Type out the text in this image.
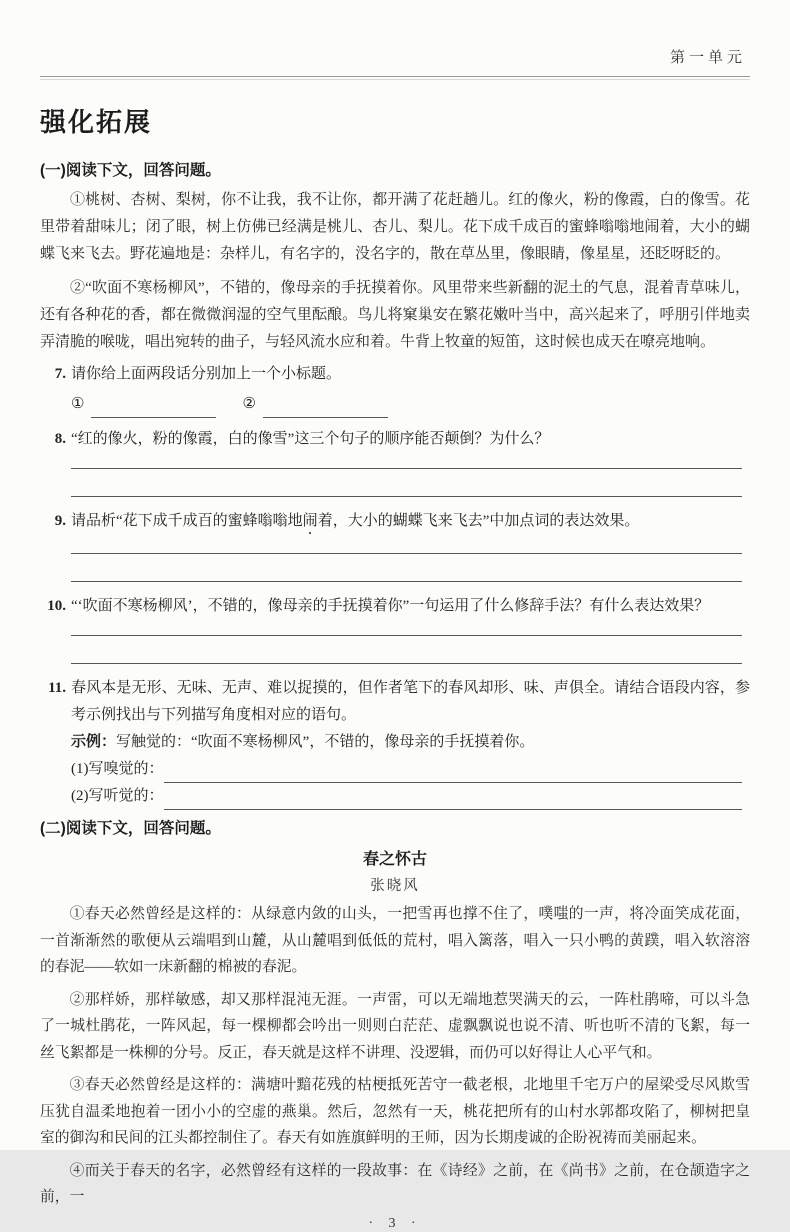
第一单元
强化拓展
(一)阅读下文，回答问题。

①桃树、杏树、梨树，你不让我，我不让你，都开满了花赶趟儿。红的像火，粉的像霞，白的像雪。花里带着甜味儿；闭了眼，树上仿佛已经满是桃儿、杏儿、梨儿。花下成千成百的蜜蜂嗡嗡地闹着，大小的蝴蝶飞来飞去。野花遍地是：杂样儿，有名字的，没名字的，散在草丛里，像眼睛，像星星，还眨呀眨的。

②“吹面不寒杨柳风”，不错的，像母亲的手抚摸着你。风里带来些新翻的泥土的气息，混着青草味儿，还有各种花的香，都在微微润湿的空气里酝酿。鸟儿将窠巢安在繁花嫩叶当中，高兴起来了，呼朋引伴地卖弄清脆的喉咙，唱出宛转的曲子，与轻风流水应和着。牛背上牧童的短笛，这时候也成天在嘹亮地响。

7. 请你给上面两段话分别加上一个小标题。
①	②
8. “红的像火，粉的像霞，白的像雪”这三个句子的顺序能否颠倒？为什么？
9. 请品析“花下成千成百的蜜蜂嗡嗡地闹着，大小的蝴蝶飞来飞去”中加点词的表达效果。
10. “‘吹面不寒杨柳风’，不错的，像母亲的手抚摸着你”一句运用了什么修辞手法？有什么表达效果？
11. 春风本是无形、无味、无声、难以捉摸的，但作者笔下的春风却形、味、声俱全。请结合语段内容，参考示例找出与下列描写角度相对应的语句。
示例：写触觉的：“吹面不寒杨柳风”，不错的，像母亲的手抚摸着你。
(1)写嗅觉的：
(2)写听觉的：
(二)阅读下文，回答问题。
春之怀古
张晓风

①春天必然曾经是这样的：从绿意内敛的山头，一把雪再也撑不住了，噗嗤的一声，将冷面笑成花面，一首渐渐然的歌便从云端唱到山麓，从山麓唱到低低的荒村，唱入篱落，唱入一只小鸭的黄蹼，唱入软溶溶的春泥——软如一床新翻的棉被的春泥。

②那样娇，那样敏感，却又那样混沌无涯。一声雷，可以无端地惹哭满天的云，一阵杜鹃啼，可以斗急了一城杜鹃花，一阵风起，每一棵柳都会吟出一则则白茫茫、虚飘飘说也说不清、听也听不清的飞絮，每一丝飞絮都是一株柳的分号。反正，春天就是这样不讲理、没逻辑，而仍可以好得让人心平气和。

③春天必然曾经是这样的：满塘叶黯花残的枯梗抵死苦守一截老根，北地里千宅万户的屋梁受尽风欺雪压犹自温柔地抱着一团小小的空虚的燕巢。然后，忽然有一天，桃花把所有的山村水郭都攻陷了，柳树把皇室的御沟和民间的江头都控制住了。春天有如旌旗鲜明的王师，因为长期虔诚的企盼祝祷而美丽起来。

④而关于春天的名字，必然曾经有这样的一段故事：在《诗经》之前，在《尚书》之前，在仓颉造字之前，一

· 3 ·
